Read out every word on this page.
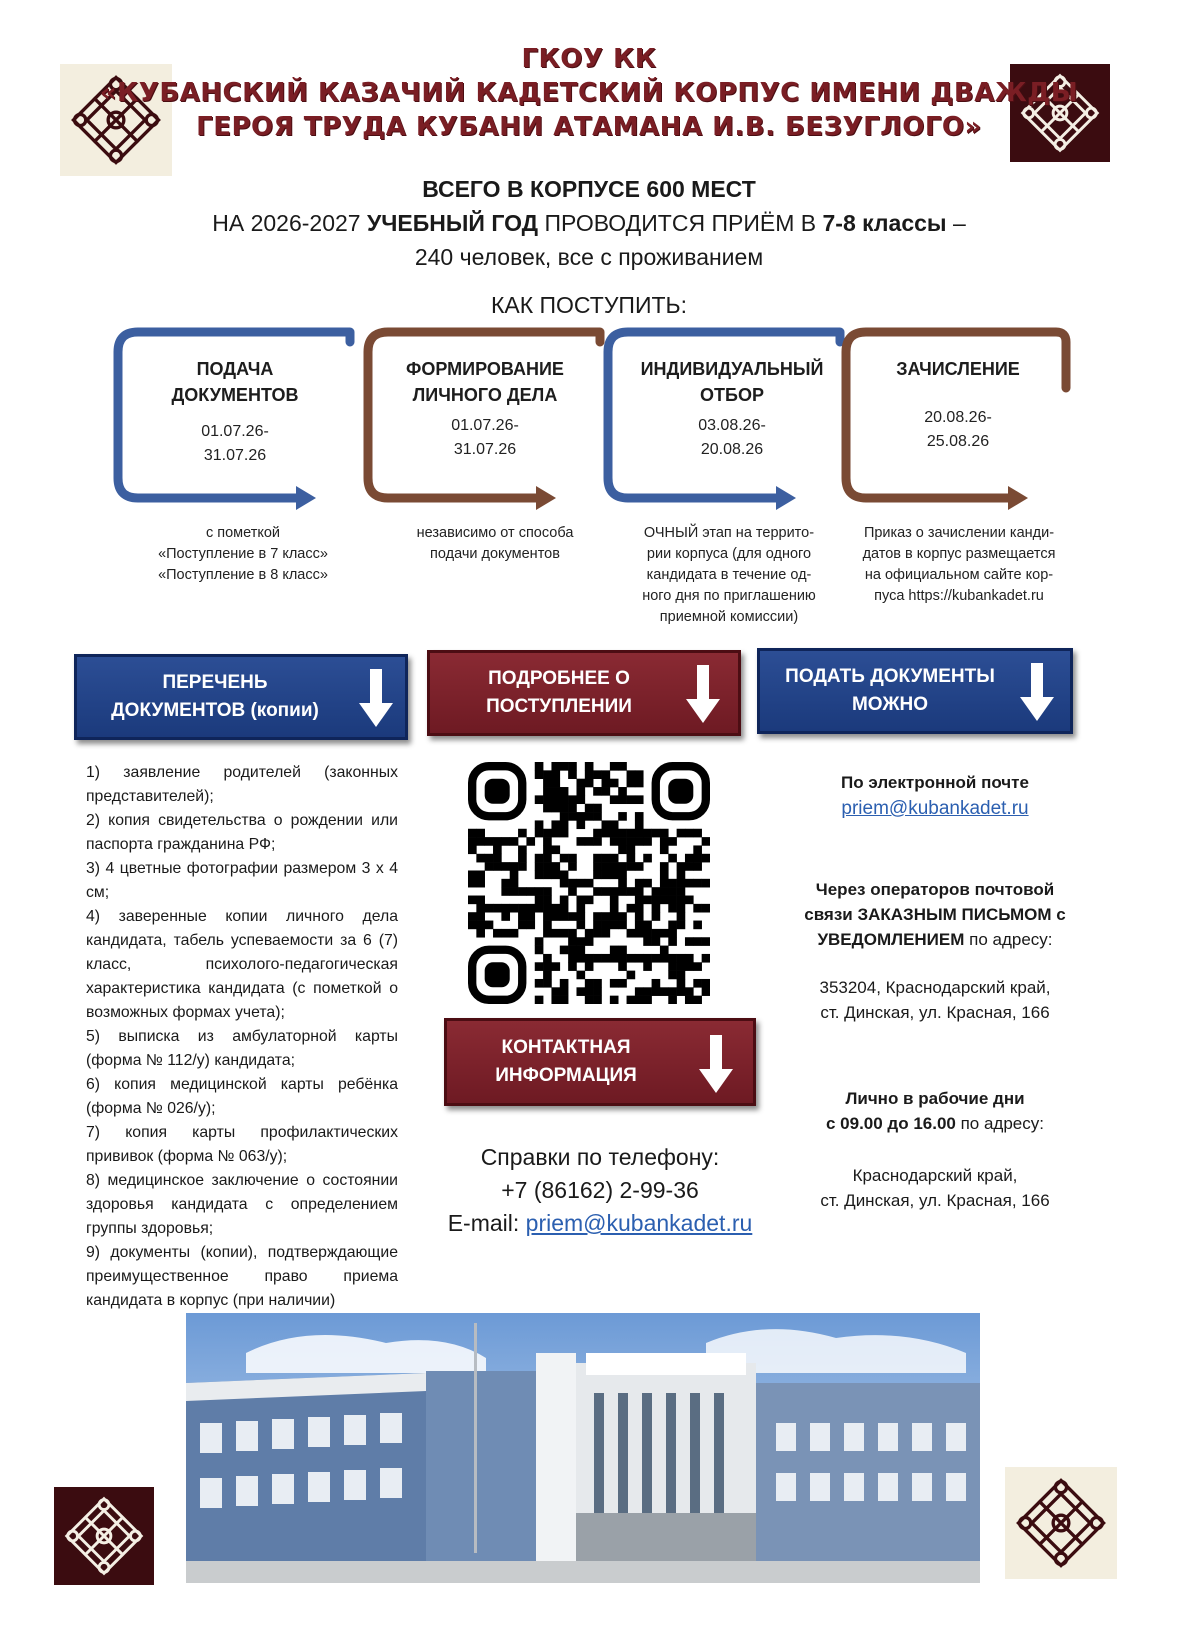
ГКОУ КК
«КУБАНСКИЙ КАЗАЧИЙ КАДЕТСКИЙ КОРПУС ИМЕНИ ДВАЖДЫ
ГЕРОЯ ТРУДА КУБАНИ АТАМАНА И.В. БЕЗУГЛОГО»
ВСЕГО В КОРПУСЕ 600 МЕСТ
НА 2026-2027 УЧЕБНЫЙ ГОД ПРОВОДИТСЯ ПРИЁМ В 7-8 классы –
240 человек, все с проживанием
КАК ПОСТУПИТЬ:
ПОДАЧА
ДОКУМЕНТОВ
01.07.26-
31.07.26
ФОРМИРОВАНИЕ
ЛИЧНОГО ДЕЛА
01.07.26-
31.07.26
ИНДИВИДУАЛЬНЫЙ
ОТБОР
03.08.26-
20.08.26
ЗАЧИСЛЕНИЕ
20.08.26-
25.08.26
с пометкой
«Поступление в 7 класс»
«Поступление в 8 класс»
независимо от способа
подачи документов
ОЧНЫЙ этап на террито-
рии корпуса (для одного
кандидата в течение од-
ного дня по приглашению
приемной комиссии)
Приказ о зачислении канди-
датов в корпус размещается
на официальном сайте кор-
пуса https://kubankadet.ru
ПЕРЕЧЕНЬ
ДОКУМЕНТОВ (копии)
ПОДРОБНЕЕ О
ПОСТУПЛЕНИИ
ПОДАТЬ ДОКУМЕНТЫ
МОЖНО
КОНТАКТНАЯ
ИНФОРМАЦИЯ
1) заявление родителей (законных представителей);
2) копия свидетельства о рождении или паспорта гражданина РФ;
3) 4 цветные фотографии размером 3 х 4 см;
4) заверенные копии личного дела кандидата, табель успеваемости за 6 (7) класс, психолого-педагогическая характеристика кандидата (с пометкой о возможных формах учета);
5) выписка из амбулаторной карты (форма № 112/у) кандидата;
6) копия медицинской карты ребёнка (форма № 026/у);
7) копия карты профилактических прививок (форма № 063/у);
8) медицинское заключение о состоянии здоровья кандидата с определением группы здоровья;
9) документы (копии), подтверждающие преимущественное право приема кандидата в корпус (при наличии)
По электронной почте
priem@kubankadet.ru
Через операторов почтовой
связи ЗАКАЗНЫМ ПИСЬМОМ с
УВЕДОМЛЕНИЕМ по адресу:
353204, Краснодарский край,
ст. Динская, ул. Красная, 166
Лично в рабочие дни
с 09.00 до 16.00 по адресу:
Краснодарский край,
ст. Динская, ул. Красная, 166
Справки по телефону:
+7 (86162) 2-99-36
E-mail: priem@kubankadet.ru
